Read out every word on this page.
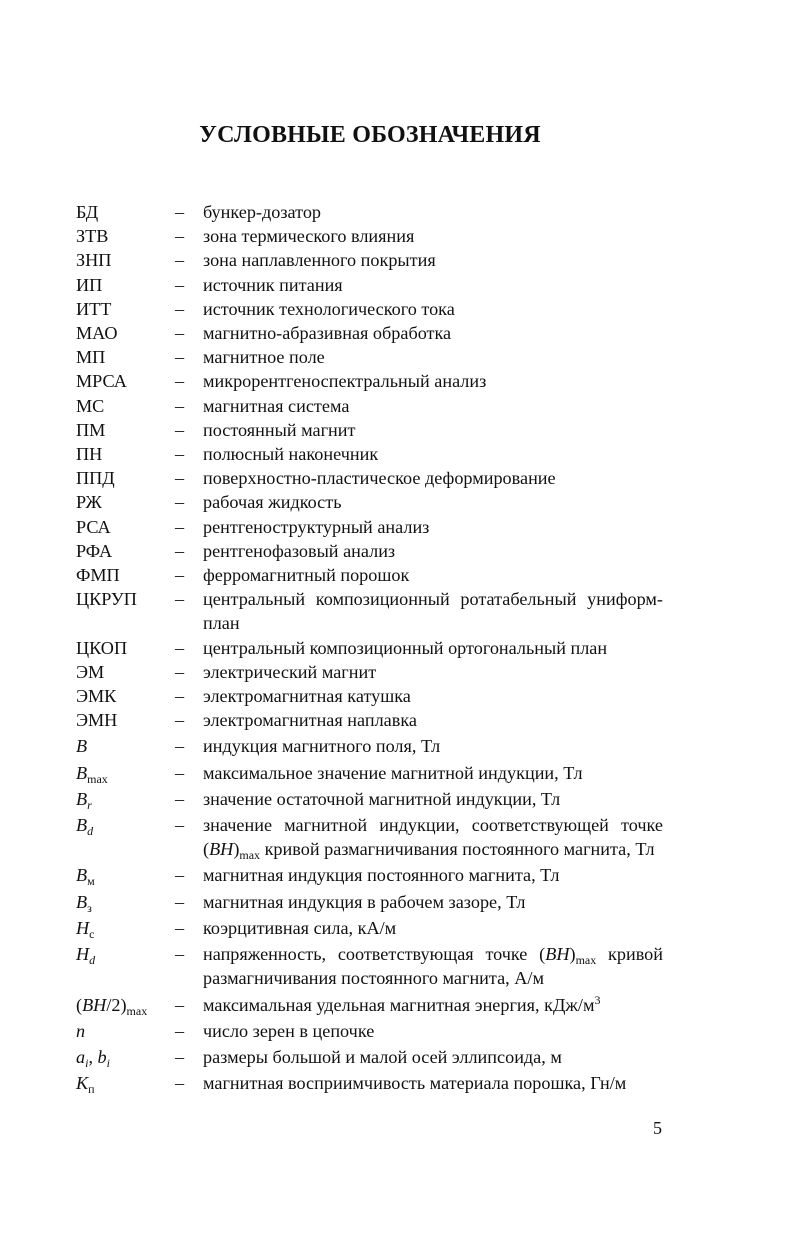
УСЛОВНЫЕ ОБОЗНАЧЕНИЯ
БД	– бункер-дозатор
ЗТВ	– зона термического влияния
ЗНП	– зона наплавленного покрытия
ИП	– источник питания
ИТТ	– источник технологического тока
МАО	– магнитно-абразивная обработка
МП	– магнитное поле
МРСА	– микрорентгеноспектральный анализ
МС	– магнитная система
ПМ	– постоянный магнит
ПН	– полюсный наконечник
ППД	– поверхностно-пластическое деформирование
РЖ	– рабочая жидкость
РСА	– рентгеноструктурный анализ
РФА	– рентгенофазовый анализ
ФМП	– ферромагнитный порошок
ЦКРУП – центральный композиционный ротатабельный униформ-план
ЦКОП	– центральный композиционный ортогональный план
ЭМ	– электрический магнит
ЭМК	– электромагнитная катушка
ЭМН	– электромагнитная наплавка
B	– индукция магнитного поля, Тл
$B_{max}$	– максимальное значение магнитной индукции, Тл
$B_r$	– значение остаточной магнитной индукции, Тл
$B_d$	– значение магнитной индукции, соответствующей точке $(BH)_{max}$ кривой размагничивания постоянного магнита, Тл
$B_м$	– магнитная индукция постоянного магнита, Тл
$B_з$	– магнитная индукция в рабочем зазоре, Тл
$H_с$	– коэрцитивная сила, кА/м
$H_d$	– напряженность, соответствующая точке $(BH)_{max}$ кривой размагничивания постоянного магнита, А/м
$(BH/2)_{max}$ – максимальная удельная магнитная энергия, кДж/$м^3$
n	– число зерен в цепочке
$a_i$, $b_i$	– размеры большой и малой осей эллипсоида, м
$K_п$	– магнитная восприимчивость материала порошка, Гн/м
5
